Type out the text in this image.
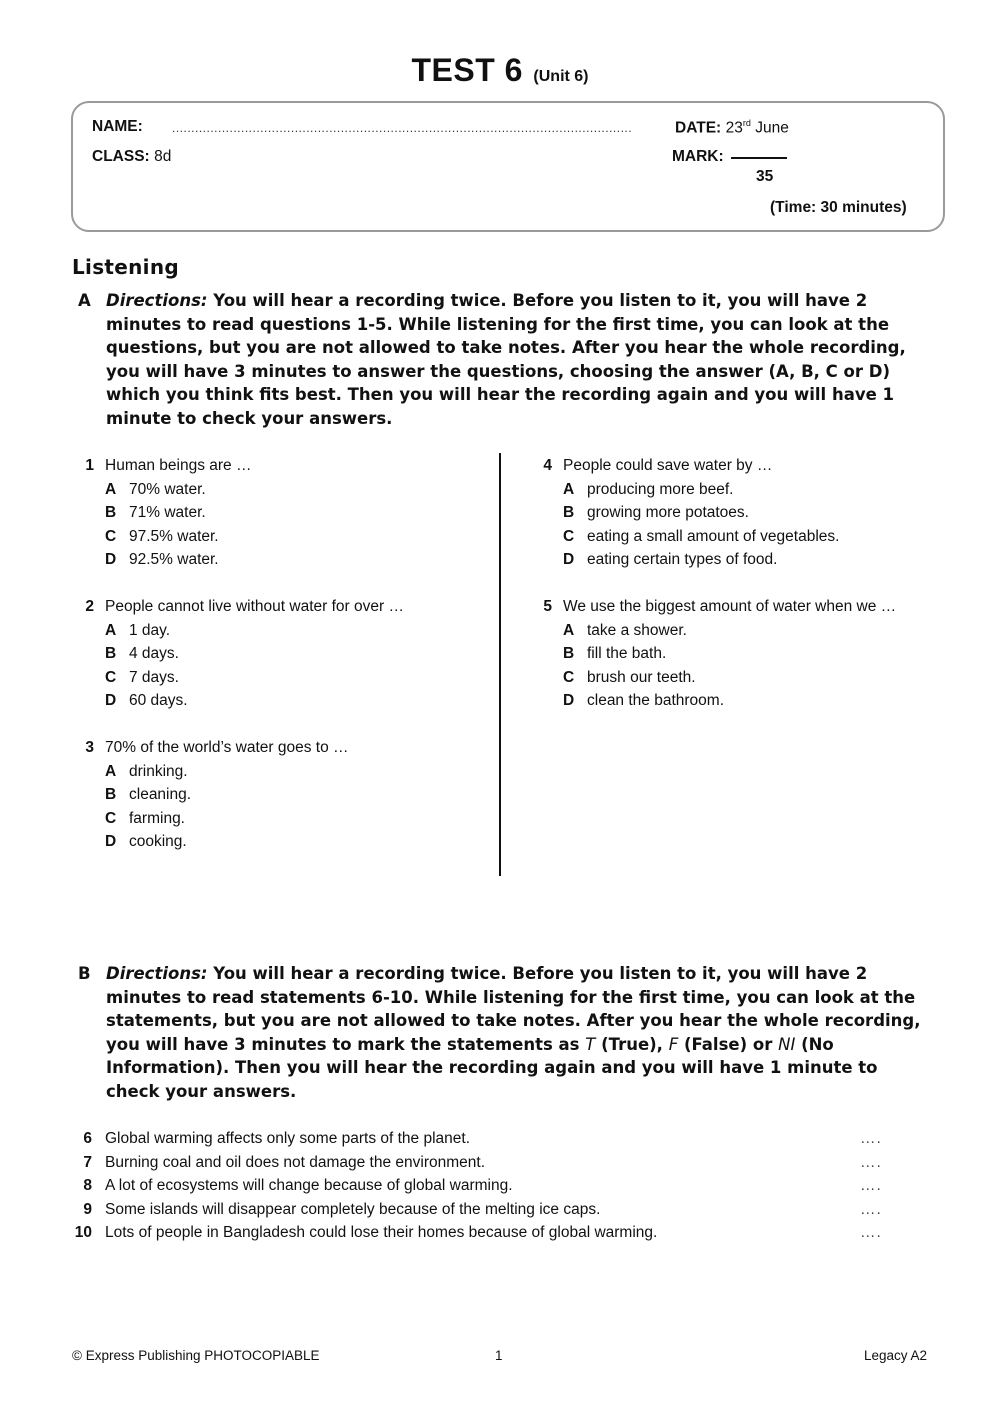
TEST 6 (Unit 6)
NAME: ........................................................................................................................	DATE: 23rd June
CLASS: 8d	MARK:
35
(Time: 30 minutes)
Listening
A Directions: You will hear a recording twice. Before you listen to it, you will have 2 minutes to read questions 1-5. While listening for the first time, you can look at the questions, but you are not allowed to take notes. After you hear the whole recording, you will have 3 minutes to answer the questions, choosing the answer (A, B, C or D) which you think fits best. Then you will hear the recording again and you will have 1 minute to check your answers.
1 Human beings are …
A 70% water.
B 71% water.
C 97.5% water.
D 92.5% water.
2 People cannot live without water for over …
A 1 day.
B 4 days.
C 7 days.
D 60 days.
3 70% of the world’s water goes to …
A drinking.
B cleaning.
C farming.
D cooking.
4 People could save water by …
A producing more beef.
B growing more potatoes.
C eating a small amount of vegetables.
D eating certain types of food.
5 We use the biggest amount of water when we …
A take a shower.
B fill the bath.
C brush our teeth.
D clean the bathroom.
B Directions: You will hear a recording twice. Before you listen to it, you will have 2 minutes to read statements 6-10. While listening for the first time, you can look at the statements, but you are not allowed to take notes. After you hear the whole recording, you will have 3 minutes to mark the statements as T (True), F (False) or NI (No Information). Then you will hear the recording again and you will have 1 minute to check your answers.
6 Global warming affects only some parts of the planet.	….
7 Burning coal and oil does not damage the environment.	….
8 A lot of ecosystems will change because of global warming.	….
9 Some islands will disappear completely because of the melting ice caps.	….
10 Lots of people in Bangladesh could lose their homes because of global warming.	….
© Express Publishing PHOTOCOPIABLE	1	Legacy A2
